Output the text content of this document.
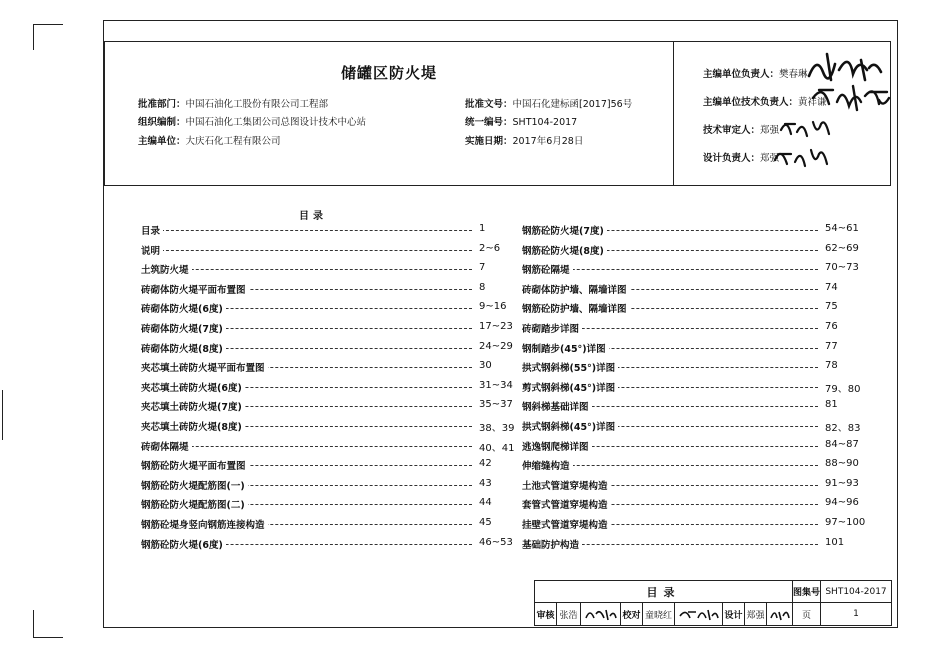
储罐区防火堤
批准部门：中国石油化工股份有限公司工程部
组织编制：中国石油化工集团公司总图设计技术中心站
主编单位：大庆石化工程有限公司
批准文号：中国石化建标函[2017]56号
统一编号：SHT104-2017
实施日期：2017年6月28日
主编单位负责人：樊春琳
主编单位技术负责人：黄祥谦
技术审定人：郑强
设计负责人：郑强
目录
目录	1
说明	2~6
土筑防火堤	7
砖砌体防火堤平面布置图	8
砖砌体防火堤(6度)	9~16
砖砌体防火堤(7度)	17~23
砖砌体防火堤(8度)	24~29
夹芯填土砖防火堤平面布置图	30
夹芯填土砖防火堤(6度)	31~34
夹芯填土砖防火堤(7度)	35~37
夹芯填土砖防火堤(8度)	38、39
砖砌体隔堤	40、41
钢筋砼防火堤平面布置图	42
钢筋砼防火堤配筋图(一)	43
钢筋砼防火堤配筋图(二)	44
钢筋砼堤身竖向钢筋连接构造	45
钢筋砼防火堤(6度)	46~53
钢筋砼防火堤(7度)	54~61
钢筋砼防火堤(8度)	62~69
钢筋砼隔堤	70~73
砖砌体防护墙、隔墙详图	74
钢筋砼防护墙、隔墙详图	75
砖砌踏步详图	76
钢制踏步(45°)详图	77
拱式钢斜梯(55°)详图	78
剪式钢斜梯(45°)详图	79、80
钢斜梯基础详图	81
拱式钢斜梯(45°)详图	82、83
逃逸钢爬梯详图	84~87
伸缩缝构造	88~90
土池式管道穿堤构造	91~93
套管式管道穿堤构造	94~96
挂壁式管道穿堤构造	97~100
基础防护构造	101
目录	图集号 SHT104-2017
审核 张浩	校对 童晓红	设计 郑强	页	1
